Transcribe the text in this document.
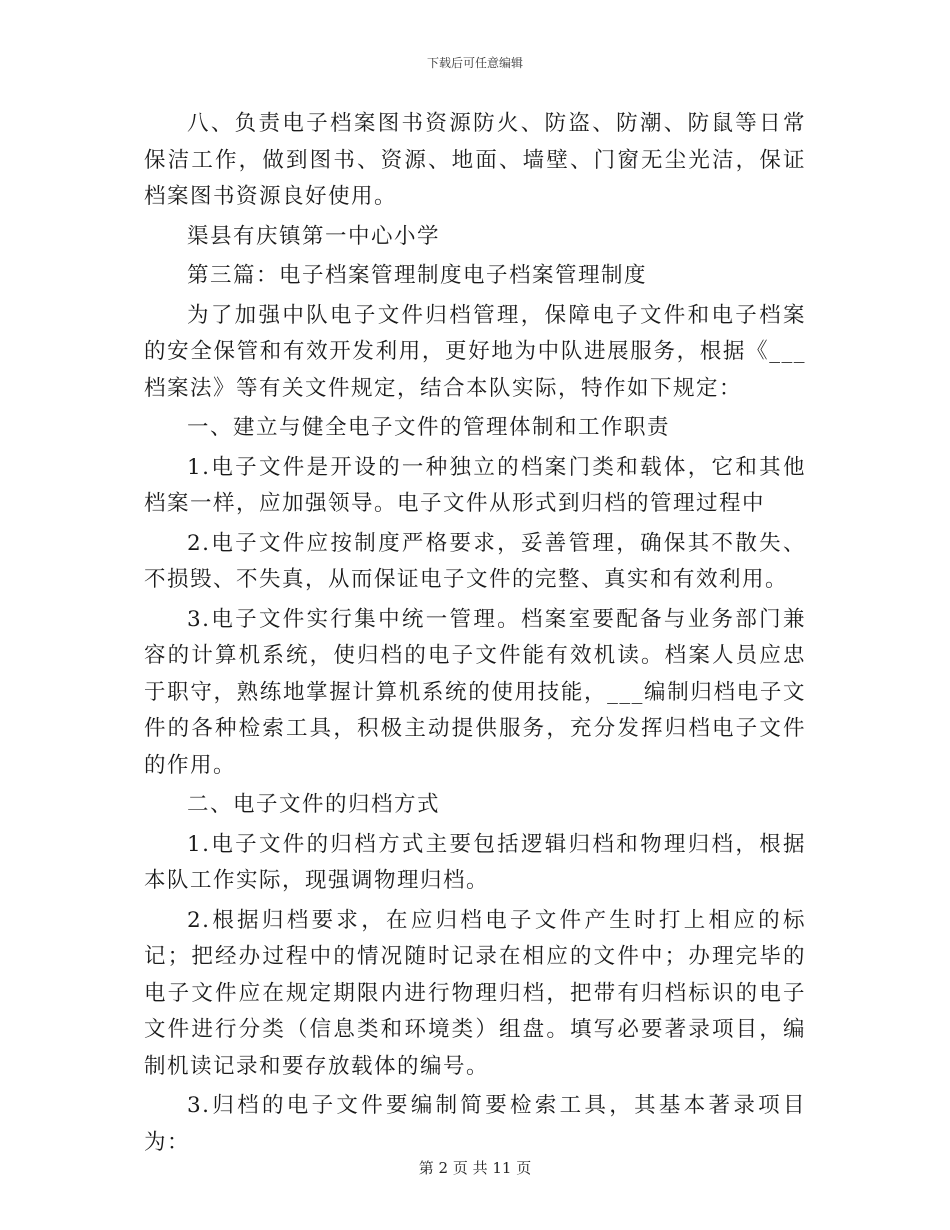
下载后可任意编辑

八、负责电子档案图书资源防火、防盗、防潮、防鼠等日常保洁工作，做到图书、资源、地面、墙壁、门窗无尘光洁，保证档案图书资源良好使用。

渠县有庆镇第一中心小学

第三篇：电子档案管理制度电子档案管理制度

为了加强中队电子文件归档管理，保障电子文件和电子档案的安全保管和有效开发利用，更好地为中队进展服务，根据《___档案法》等有关文件规定，结合本队实际，特作如下规定：

一、建立与健全电子文件的管理体制和工作职责

1.电子文件是开设的一种独立的档案门类和载体，它和其他档案一样，应加强领导。电子文件从形式到归档的管理过程中

2.电子文件应按制度严格要求，妥善管理，确保其不散失、不损毁、不失真，从而保证电子文件的完整、真实和有效利用。

3.电子文件实行集中统一管理。档案室要配备与业务部门兼容的计算机系统，使归档的电子文件能有效机读。档案人员应忠于职守，熟练地掌握计算机系统的使用技能，___编制归档电子文件的各种检索工具，积极主动提供服务，充分发挥归档电子文件的作用。

二、电子文件的归档方式

1.电子文件的归档方式主要包括逻辑归档和物理归档，根据本队工作实际，现强调物理归档。

2.根据归档要求，在应归档电子文件产生时打上相应的标记；把经办过程中的情况随时记录在相应的文件中；办理完毕的电子文件应在规定期限内进行物理归档，把带有归档标识的电子文件进行分类（信息类和环境类）组盘。填写必要著录项目，编制机读记录和要存放载体的编号。

3.归档的电子文件要编制简要检索工具，其基本著录项目为：

第 2 页 共 11 页
